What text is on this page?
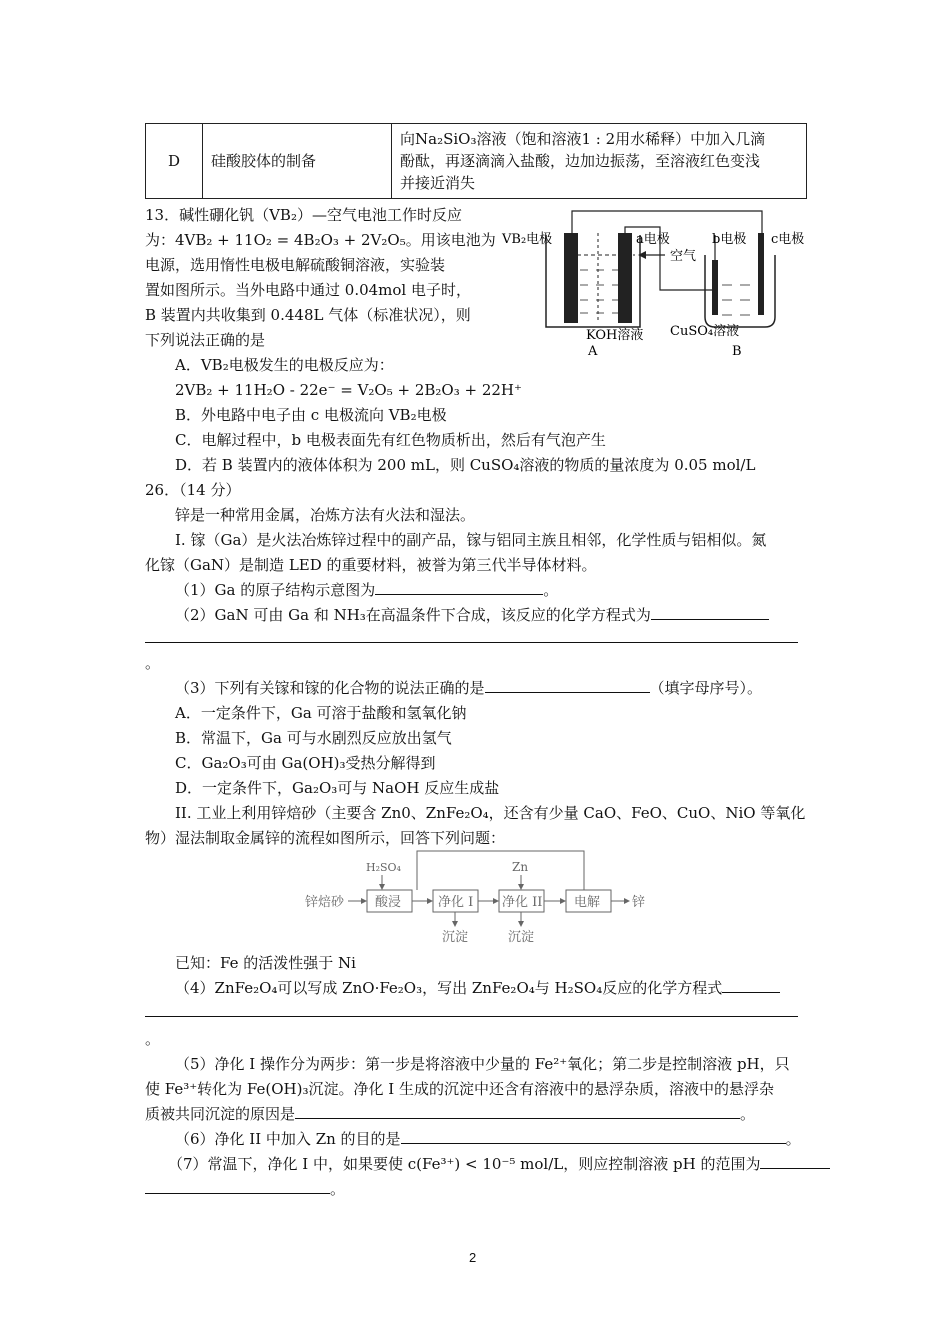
D	硅酸胶体的制备	
向Na₂SiO₃溶液（饱和溶液1 : 2用水稀释）中加入几滴
酚酞，再逐滴滴入盐酸，边加边振荡，至溶液红色变浅
并接近消失
13．碱性硼化钒（VB₂）—空气电池工作时反应
为：4VB₂ + 11O₂ = 4B₂O₃ + 2V₂O₅。用该电池为
电源，选用惰性电极电解硫酸铜溶液，实验装
置如图所示。当外电路中通过 0.04mol 电子时，
B 装置内共收集到 0.448L 气体（标准状况），则
下列说法正确的是
VB₂电极	a电极	b电极 c电极
空气
KOH溶液 CuSO₄溶液
A	B
A．VB₂电极发生的电极反应为：
2VB₂ + 11H₂O - 22e⁻ = V₂O₅ + 2B₂O₃ + 22H⁺
B．外电路中电子由 c 电极流向 VB₂电极
C．电解过程中，b 电极表面先有红色物质析出，然后有气泡产生
D．若 B 装置内的液体体积为 200 mL，则 CuSO₄溶液的物质的量浓度为 0.05 mol/L
26．（14 分）
锌是一种常用金属，冶炼方法有火法和湿法。
I. 镓（Ga）是火法冶炼锌过程中的副产品，镓与铝同主族且相邻，化学性质与铝相似。氮
化镓（GaN）是制造 LED 的重要材料，被誉为第三代半导体材料。
（1）Ga 的原子结构示意图为	。
（2）GaN 可由 Ga 和 NH₃在高温条件下合成，该反应的化学方程式为
。
（3）下列有关镓和镓的化合物的说法正确的是	（填字母序号）。
A．一定条件下，Ga 可溶于盐酸和氢氧化钠
B．常温下，Ga 可与水剧烈反应放出氢气
C．Ga₂O₃可由 Ga(OH)₃受热分解得到
D．一定条件下，Ga₂O₃可与 NaOH 反应生成盐
II. 工业上利用锌焙砂（主要含 Zn0、ZnFe₂O₄，还含有少量 CaO、FeO、CuO、NiO 等氧化
物）湿法制取金属锌的流程如图所示，回答下列问题：
锌焙砂
H₂SO₄	Zn
酸浸	净化 I 净化 II 电解 锌
沉淀	沉淀
已知：Fe 的活泼性强于 Ni
（4）ZnFe₂O₄可以写成 ZnO·Fe₂O₃，写出 ZnFe₂O₄与 H₂SO₄反应的化学方程式
。
（5）净化 I 操作分为两步：第一步是将溶液中少量的 Fe²⁺氧化；第二步是控制溶液 pH，只
使 Fe³⁺转化为 Fe(OH)₃沉淀。净化 I 生成的沉淀中还含有溶液中的悬浮杂质，溶液中的悬浮杂
质被共同沉淀的原因是	。
（6）净化 II 中加入 Zn 的目的是	。
（7）常温下，净化 I 中，如果要使 c(Fe³⁺) < 10⁻⁵ mol/L，则应控制溶液 pH 的范围为
。
2
